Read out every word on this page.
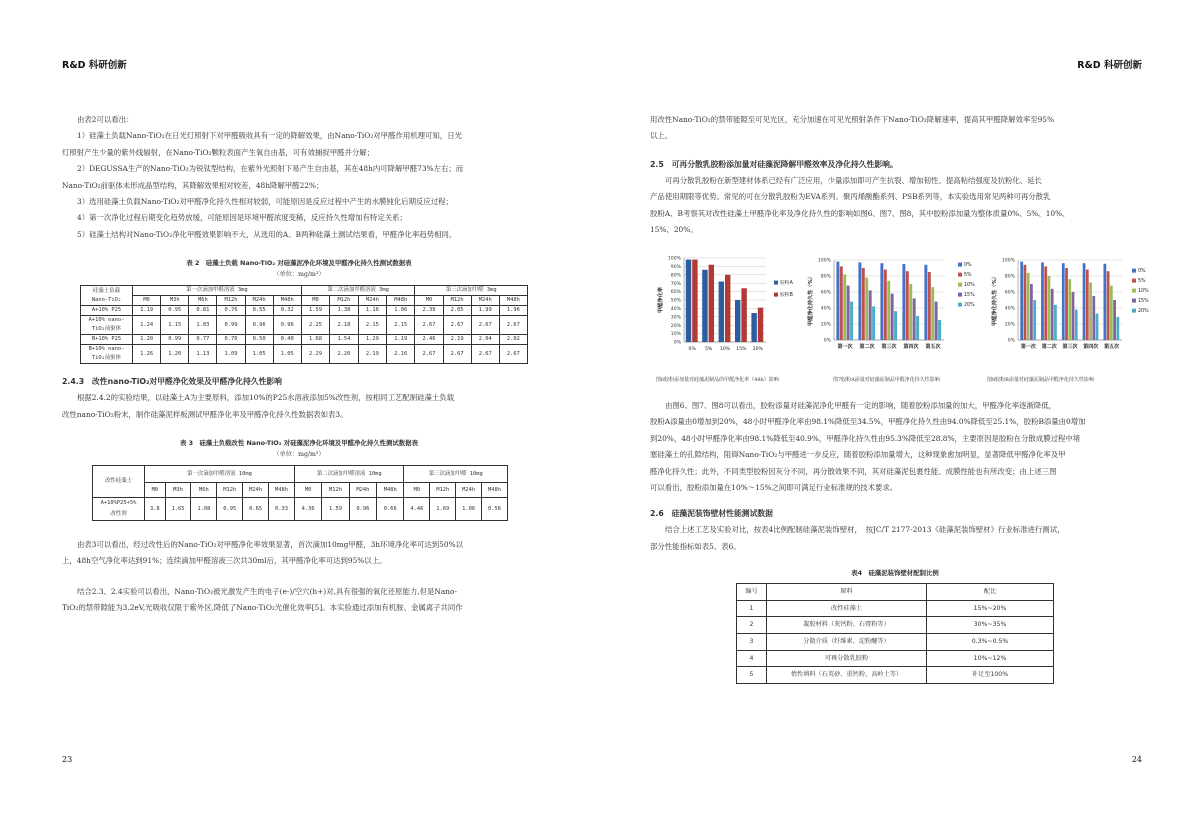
R&D 科研创新	R&D 科研创新
由表2可以看出：
1）硅藻土负载Nano-TiO₂在日光灯照射下对甲醛吸收具有一定的降解效果，由Nano-TiO₂对甲醛作用机理可知，日光
灯照射产生少量的紫外线辐射，在Nano-TiO₂颗粒表面产生氧自由基，可有效捕捉甲醛并分解；
2）DEGUSSA生产的Nano-TiO₂为锐钛型结构，在紫外光照射下易产生自由基，其在48h内可降解甲醛73%左右；而
Nano-TiO₂前驱体未形成晶型结构，其降解效果相对较差，48h降解甲醛22%；
3）选用硅藻土负载Nano-TiO₂对甲醛净化持久性相对较弱，可能原因是反应过程中产生的水膜钝化后期反应过程；
4）第一次净化过程后期变化趋势放缓，可能原因是环境甲醛浓度变稀，反应持久性增加有特定关系；
5）硅藻土结构对Nano-TiO₂净化甲醛效果影响不大，从选用的A、B两种硅藻土测试结果看，甲醛净化率趋势相同。
表 2　硅藻土负载 Nano-TiO₂ 对硅藻泥净化环境及甲醛净化持久性测试数据表
（单位：mg/m³）
硅藻土负载
Nano-TiO₂	第一次滴加甲醛溶液 3mg						第二次滴加甲醛溶液 3mg				第三次滴加甲醛 3mg			
	M0	M3h	M6h	M12h	M24h	M48h	M0	M12h	M24h	M48h	M0	M12h	M24h	M48h
A+10% P25	1.19	0.95	0.81	0.76	0.55	0.32	1.59	1.38	1.16	1.06	2.39	2.05	1.99	1.96
A+10% nano-
TiO₂前驱体	1.24	1.15	1.03	0.99	0.96	0.96	2.25	2.18	2.15	2.15	2.67	2.67	2.67	2.67
B+10% P25	1.20	0.99	0.77	0.70	0.50	0.40	1.68	1.54	1.29	1.19	2.46	2.19	2.04	2.02
B+10% nano-
TiO₂前驱体	1.26	1.20	1.13	1.09	1.05	1.05	2.29	2.20	2.19	2.16	2.67	2.67	2.67	2.67
2.4.3　改性nano-TiO₂对甲醛净化效果及甲醛净化持久性影响
根据2.4.2的实验结果，以硅藻土A为主要原料，添加10%的P25水溶液添加5%改性剂，按相同工艺配制硅藻土负载
改性nano-TiO₂粉末，制作硅藻泥样板测试甲醛净化率及甲醛净化持久性数据表如表3。
表 3　硅藻土负载改性 Nano-TiO₂ 对硅藻泥净化环境及甲醛净化持久性测试数据表
（单位：mg/m³）
改性硅藻土	第一次滴加甲醛溶液 10mg						第二次滴加甲醛溶液 10mg				第三次滴加甲醛 10mg			
	M0	M3h	M6h	M12h	M24h	M48h	M0	M12h	M24h	M48h	M0	M12h	M24h	M48h
A+10%P25+5%
改性剂	3.8	1.65	1.08	0.95	0.65	0.33	4.36	1.59	0.96	0.66	4.46	1.69	1.06	0.56
由表3可以看出，经过改性后的Nano-TiO₂对甲醛净化率效果显著，首次滴加10mg甲醛，3h环境净化率可达到50%以
上，48h空气净化率达到91%；连续滴加甲醛溶液三次共30ml后，其甲醛净化率可达到95%以上。
结合2.3、2.4实验可以看出，Nano-TiO₂被光激发产生的电子(e-)/空穴(h+)对,具有很强的氧化还原能力,但是Nano-
TiO₂的禁带隙能为3.2eV,光吸收仅限于紫外区,降低了Nano-TiO₂光催化效率[5]。本实验通过添加有机胺、金属离子共同作
用改性Nano-TiO₂的禁带能隙至可见光区，充分加速在可见光照射条件下Nano-TiO₂降解速率，提高其甲醛降解效率至95%
以上。
2.5　可再分散乳胶粉添加量对硅藻泥降解甲醛效率及净化持久性影响。
可再分散乳胶粉在新型建材体系已经有广泛应用，少量添加即可产生抗裂、增加韧性、提高粘结强度及抗粉化、延长
产品使用期限等优势。常见的可在分散乳胶粉为EVA系列、聚丙烯酸酯系列、PSB系列等，本实验选用常见两种可再分散乳
胶粉A、B考察其对改性硅藻土甲醛净化率及净化持久性的影响如图6、图7、图8，其中胶粉添加量为整体质量0%、5%、10%、
15%、20%。
0%
10%
20%
30%
40%
50%
60%
70%
80%
90%
100%
甲醛净化率
0% 5% 10% 15% 20%
胶粉A
胶粉B
0%
20%
40%
60%
80%
100%
甲醛净化持久性（%）
第一次 第二次 第三次 第四次 第五次
0%
5%
10%
15%
20%
0%
20%
40%
60%
80%
100%
甲醛净化持久性（%）
第一次 第二次 第三次 第四次 第五次
0%
5%
10%
15%
20%
图6胶粉添加量对硅藻泥制品的甲醛净化率（48h）影响	图7胶粉A添量对硅藻泥制品甲醛净化持久性影响	图8胶粉B添量对硅藻泥制品甲醛净化持久性影响
由图6、图7、图8可以看出，胶粉添量对硅藻泥净化甲醛有一定的影响，随着胶粉添加量的加大，甲醛净化率逐渐降低，
胶粉A添量由0增加到20%，48小时甲醛净化率由98.1%降低至34.5%，甲醛净化持久性由94.0%降低至25.1%，胶粉B添量由0增加
到20%，48小时甲醛净化率由98.1%降低至40.9%，甲醛净化持久性由95.3%降低至28.8%，主要原因是胶粉在分散成膜过程中堵
塞硅藻土的孔隙结构，阻碍Nano-TiO₂与甲醛进一步反应，随着胶粉添加量增大，这种现象愈加明显，显著降低甲醛净化率及甲
醛净化持久性；此外，不同类型胶粉因灰分不同，再分散效果不同，其对硅藻泥包裹性能、成膜性能也有所改变；由上述三图
可以看出，胶粉添加量在10%～15%之间即可满足行业标准规的技术要求。
2.6　硅藻泥装饰壁材性能测试数据
结合上述工艺及实验对比，按表4比例配制硅藻泥装饰壁材，　按JC/T 2177-2013《硅藻泥装饰壁材》行业标准进行测试，
部分性能指标如表5、表6。
表4　硅藻泥装饰壁材配制比例
编号	原料	配比
1	改性硅藻土	15%~20%
2	凝胶材料（灰钙粉、石膏粉等）	30%~35%
3	分散介质（纤维素、淀粉醚等）	0.3%~0.5%
4	可再分散乳胶粉	10%~12%
5	惰性填料（石英砂、重钙粉、高岭土等）	补足至100%
23	24
